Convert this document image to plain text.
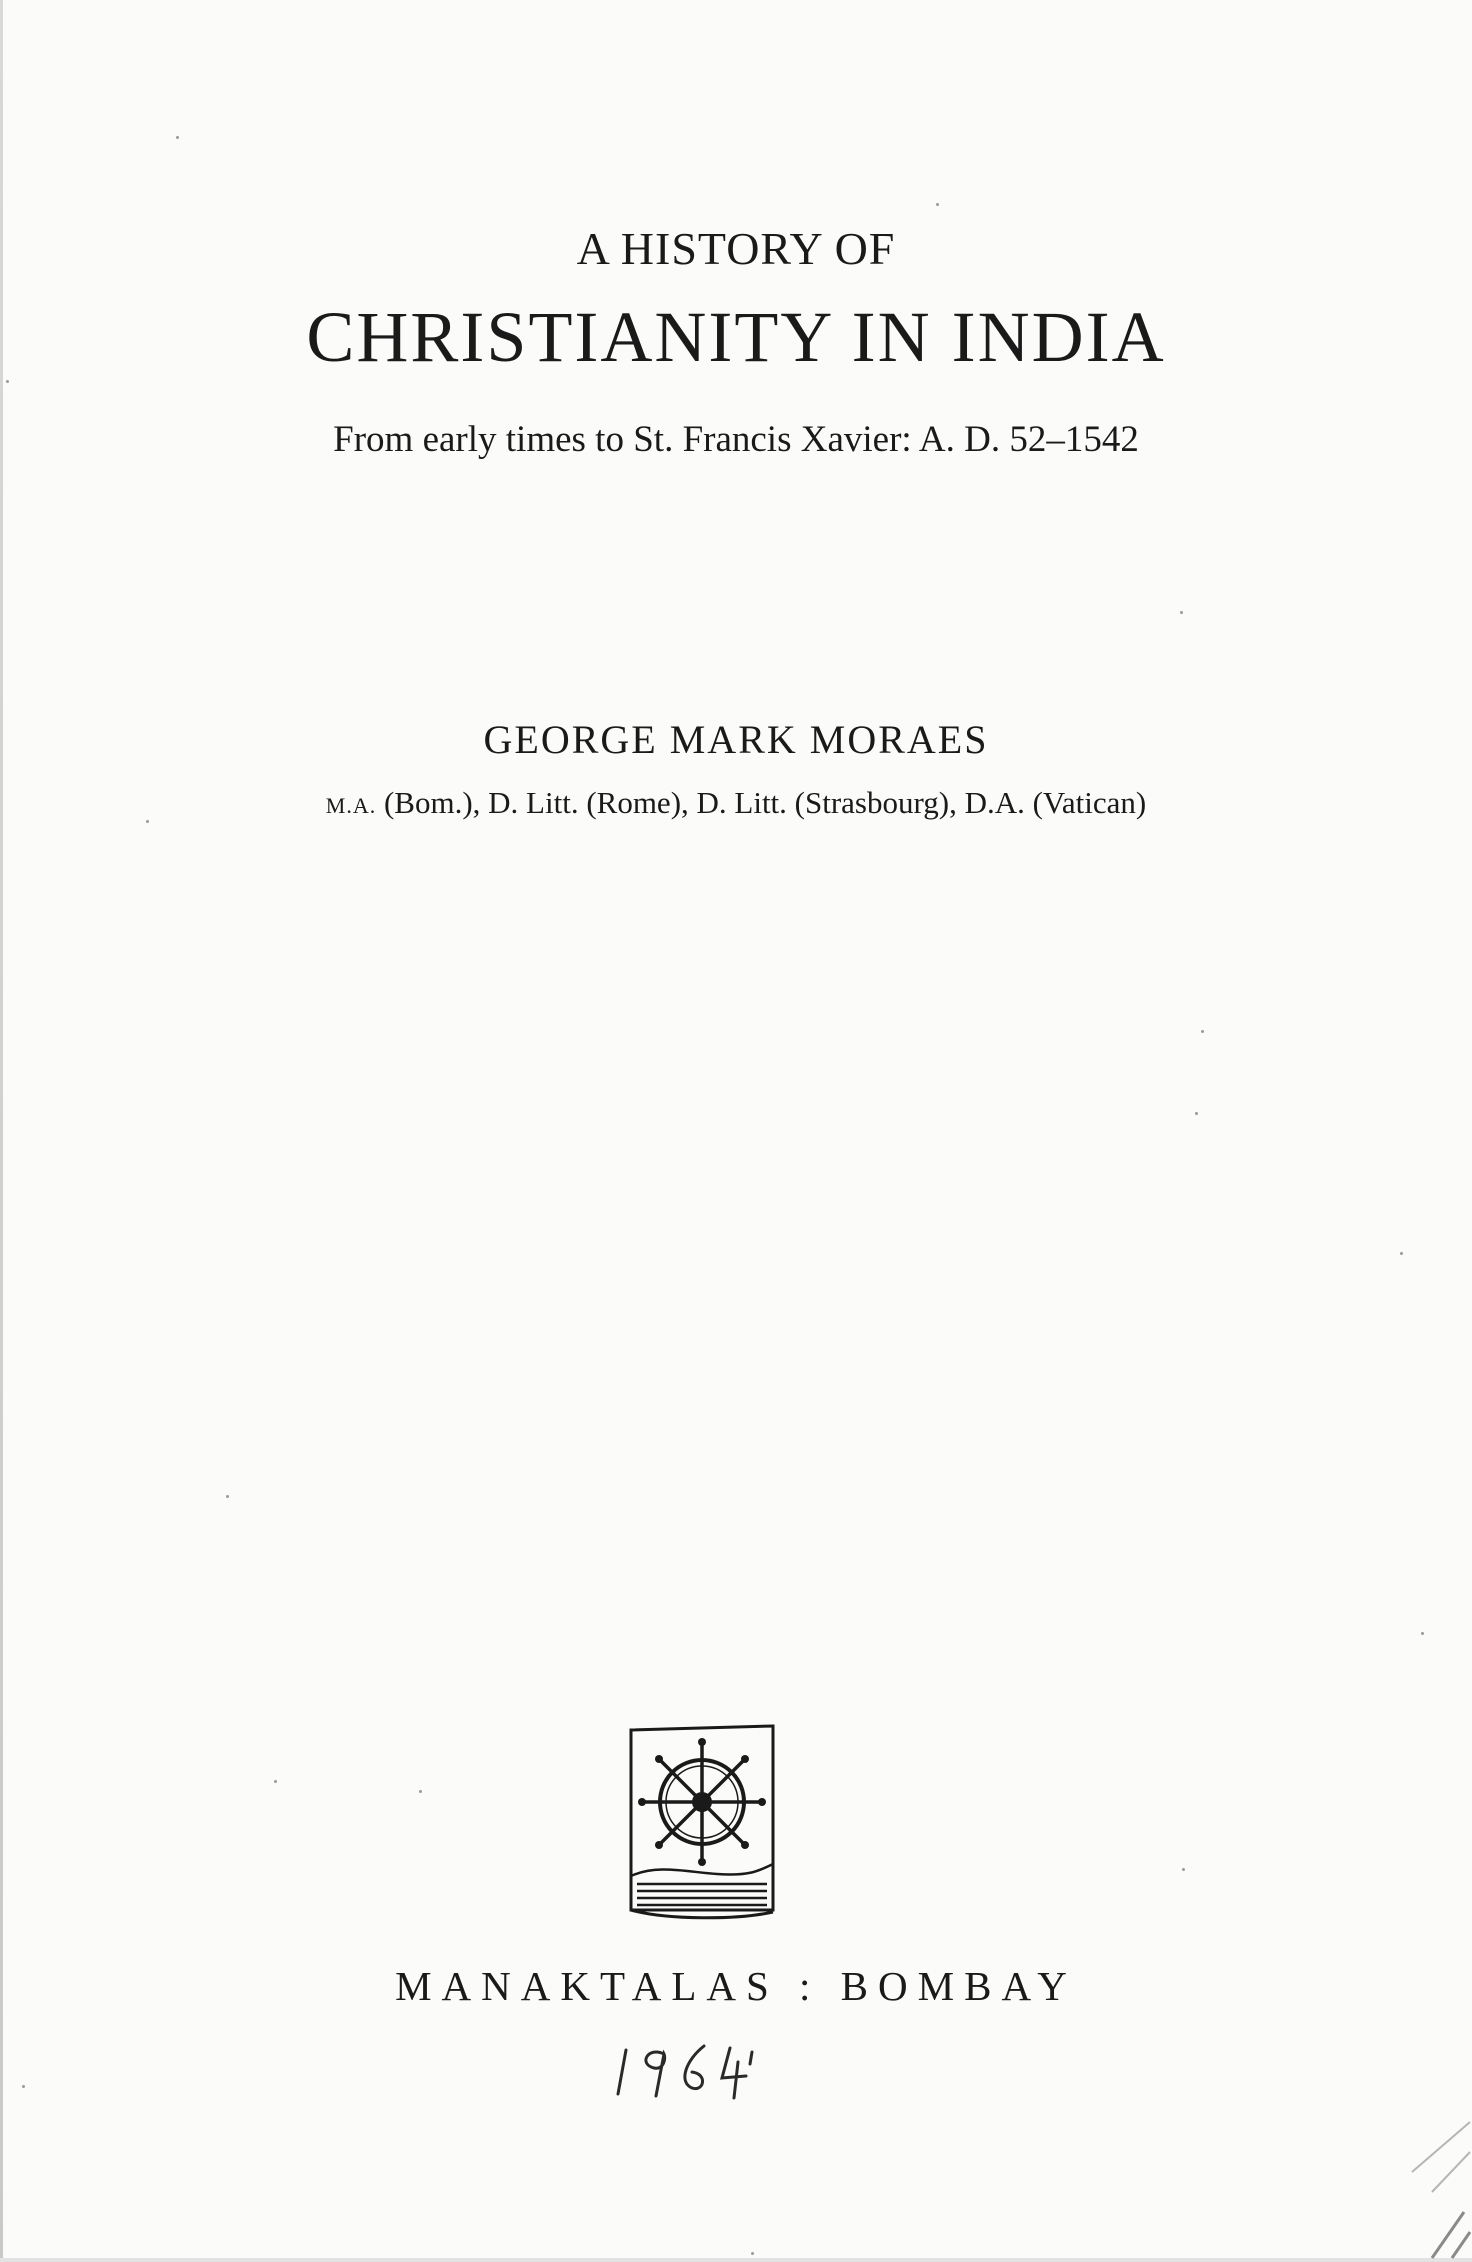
A HISTORY OF
CHRISTIANITY IN INDIA
From early times to St. Francis Xavier: A. D. 52–1542
GEORGE MARK MORAES
M.A. (Bom.), D. Litt. (Rome), D. Litt. (Strasbourg), D.A. (Vatican)
MANAKTALAS : BOMBAY
